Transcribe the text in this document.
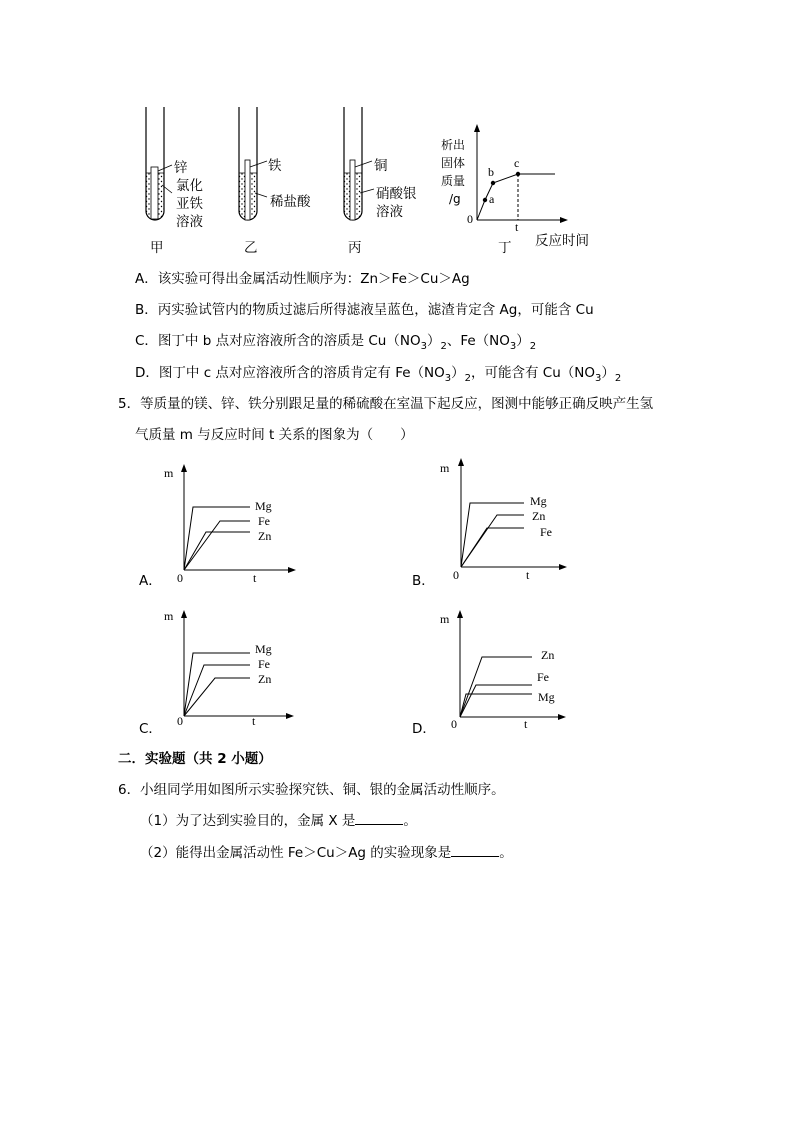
锌
氯化
亚铁
溶液
甲
铁
稀盐酸
乙
铜
硝酸银
溶液
丙
析出
固体
质量
/g
0
a
b
c
t
反应时间
丁
A．该实验可得出金属活动性顺序为：Zn＞Fe＞Cu＞Ag
B．丙实验试管内的物质过滤后所得滤液呈蓝色，滤渣肯定含 Ag，可能含 Cu
C．图丁中 b 点对应溶液所含的溶质是 $Cu(NO_3)_2$、$Fe(NO_3)_2$
D．图丁中 c 点对应溶液所含的溶质肯定有 $Fe(NO_3)_2$，可能含有 $Cu(NO_3)_2$
5．等质量的镁、锌、铁分别跟足量的稀硫酸在室温下起反应，图测中能够正确反映产生氢
气质量 m 与反应时间 t 关系的图象为（　　）
m
Mg
Fe
Zn
0	t
A．
m
Mg
Zn
Fe
0	t
B．
m
Mg
Fe
Zn
0	t
C．
m
Zn
Fe
Mg
0	t
D．
二．实验题（共 2 小题）
6．小组同学用如图所示实验探究铁、铜、银的金属活动性顺序。
（1）为了达到实验目的，金属 X 是	。
（2）能得出金属活动性 Fe＞Cu＞Ag 的实验现象是	。
